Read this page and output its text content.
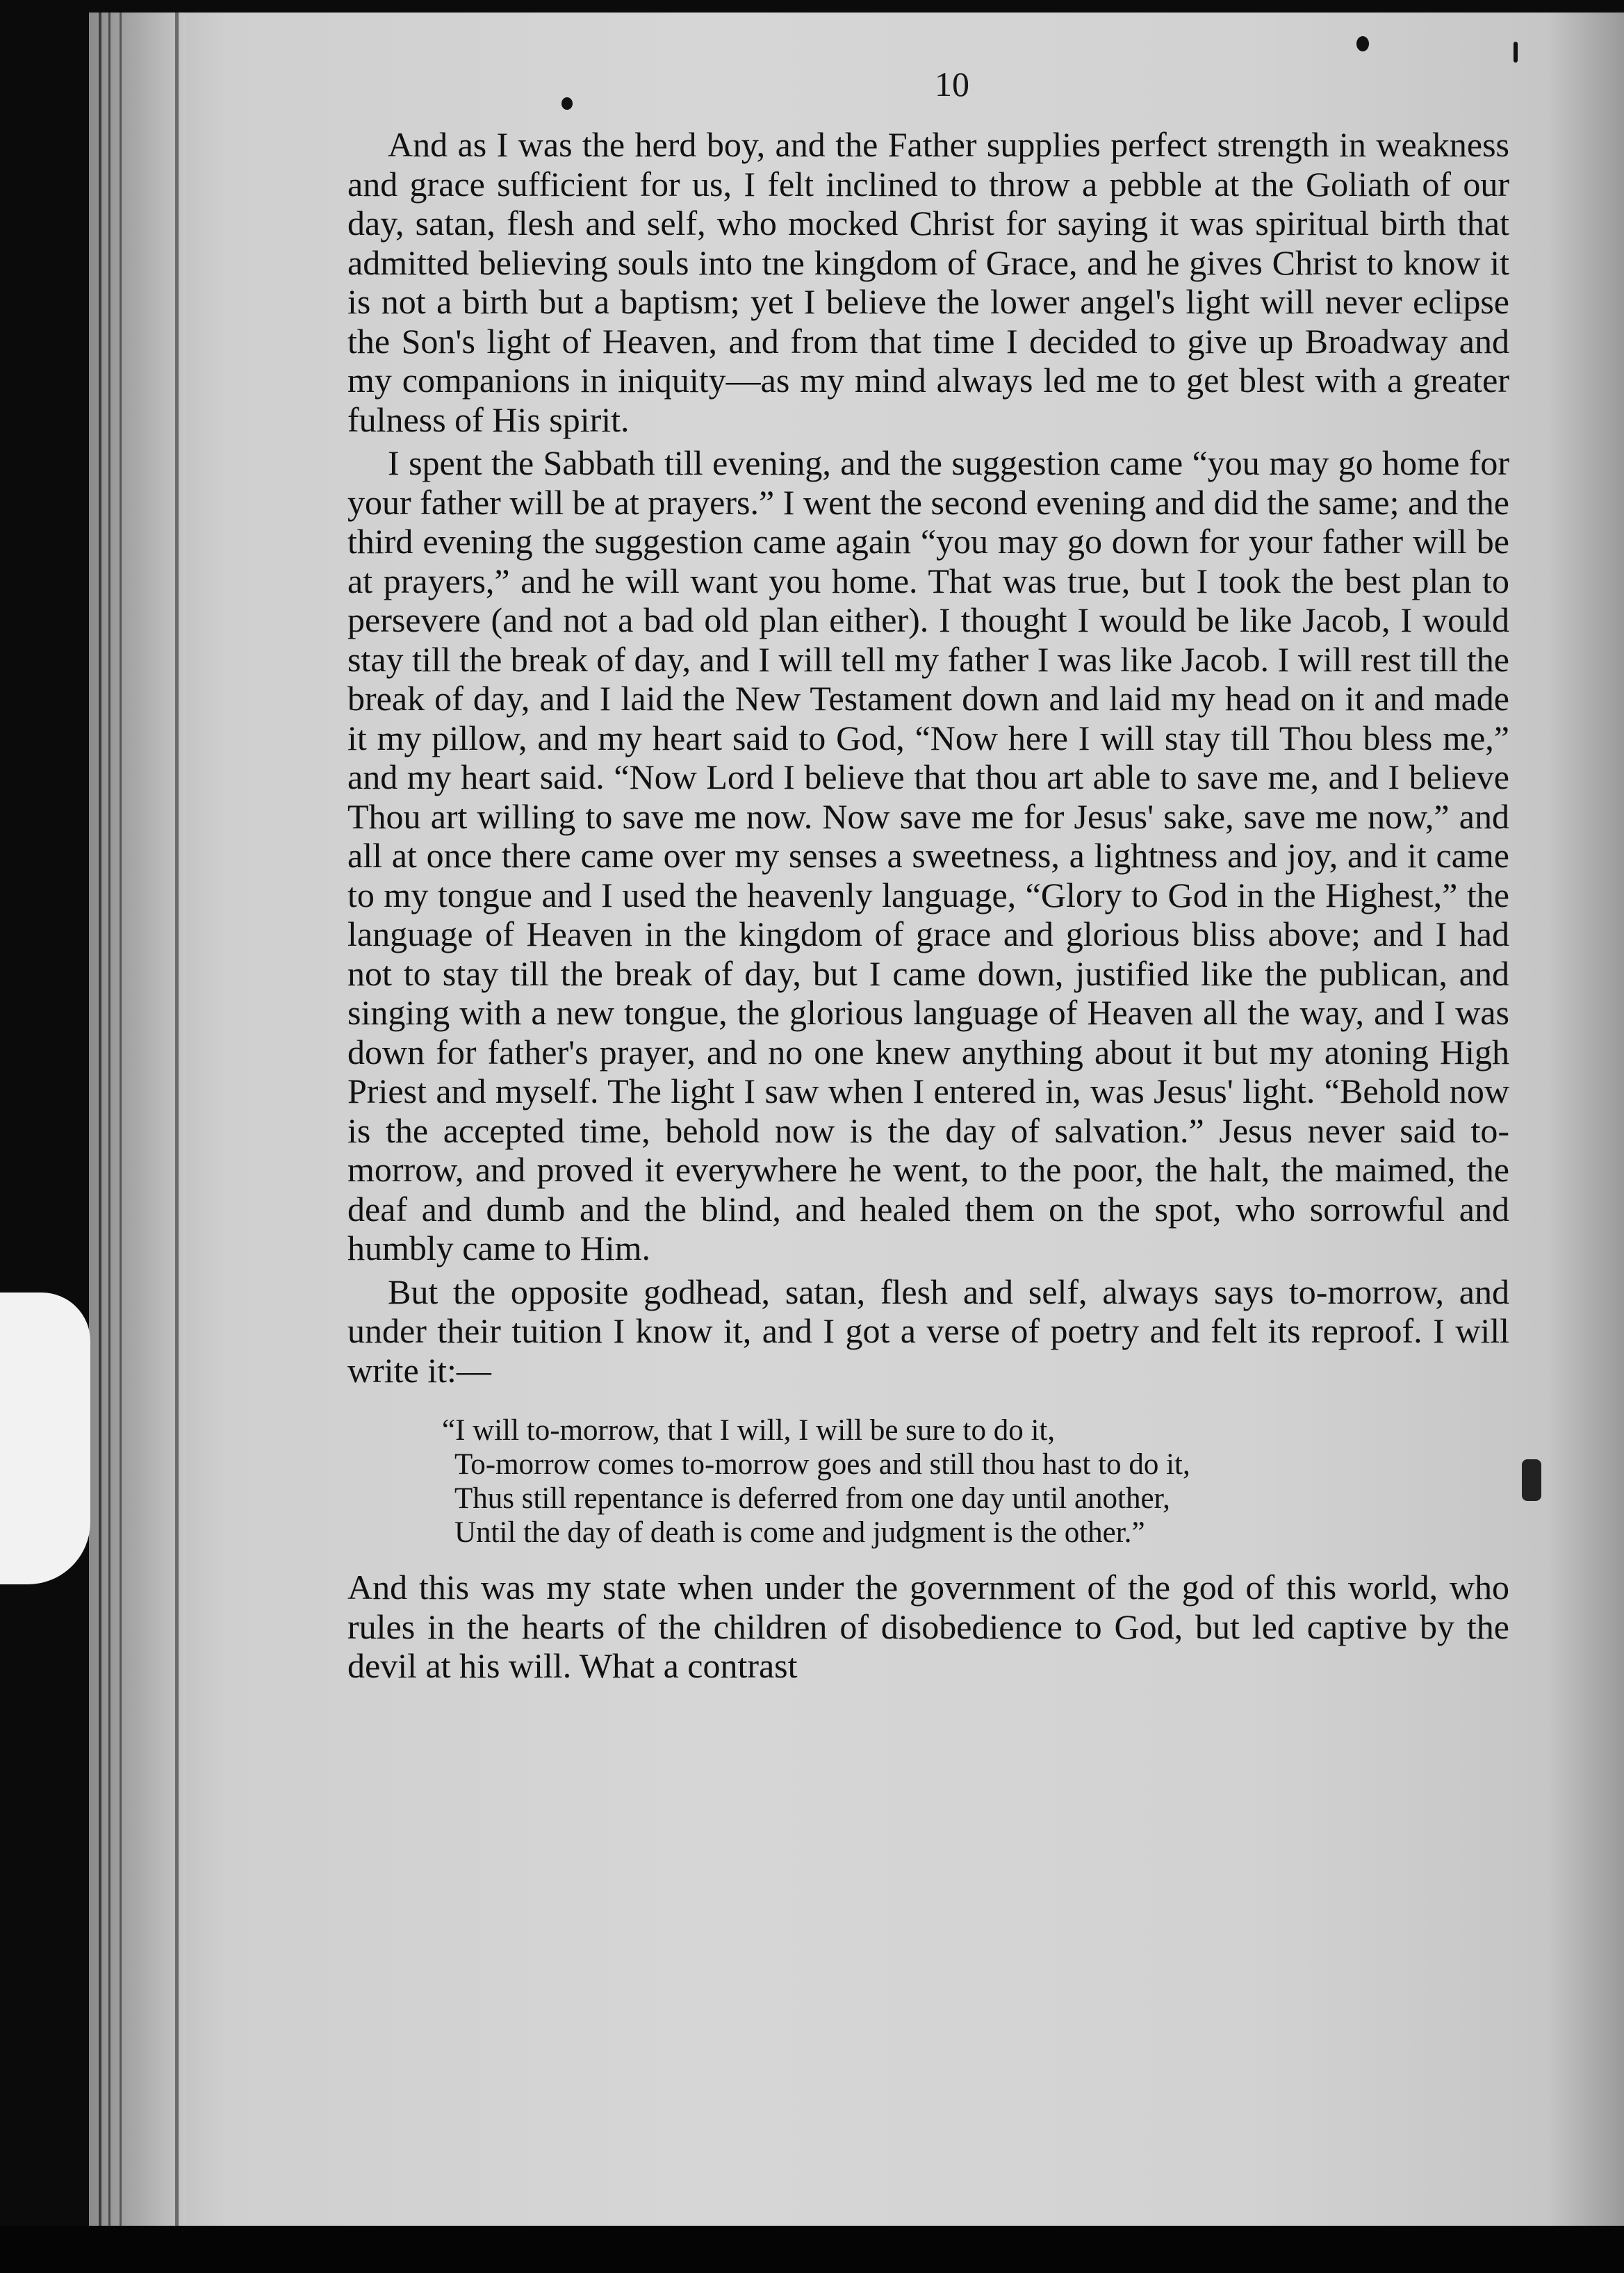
10

And as I was the herd boy, and the Father supplies perfect strength in weakness and grace sufficient for us, I felt inclined to throw a pebble at the Goliath of our day, satan, flesh and self, who mocked Christ for saying it was spiritual birth that admitted believing souls into tne kingdom of Grace, and he gives Christ to know it is not a birth but a baptism; yet I believe the lower angel's light will never eclipse the Son's light of Heaven, and from that time I decided to give up Broadway and my companions in iniquity—as my mind always led me to get blest with a greater fulness of His spirit.

I spent the Sabbath till evening, and the suggestion came “you may go home for your father will be at prayers.” I went the second evening and did the same; and the third evening the suggestion came again “you may go down for your father will be at prayers,” and he will want you home. That was true, but I took the best plan to persevere (and not a bad old plan either). I thought I would be like Jacob, I would stay till the break of day, and I will tell my father I was like Jacob. I will rest till the break of day, and I laid the New Testament down and laid my head on it and made it my pillow, and my heart said to God, “Now here I will stay till Thou bless me,” and my heart said. “Now Lord I believe that thou art able to save me, and I believe Thou art willing to save me now. Now save me for Jesus' sake, save me now,” and all at once there came over my senses a sweetness, a lightness and joy, and it came to my tongue and I used the heavenly language, “Glory to God in the Highest,” the language of Heaven in the kingdom of grace and glorious bliss above; and I had not to stay till the break of day, but I came down, justified like the publican, and singing with a new tongue, the glorious language of Heaven all the way, and I was down for father's prayer, and no one knew anything about it but my atoning High Priest and myself. The light I saw when I entered in, was Jesus' light. “Behold now is the accepted time, behold now is the day of salvation.” Jesus never said to-morrow, and proved it everywhere he went, to the poor, the halt, the maimed, the deaf and dumb and the blind, and healed them on the spot, who sorrowful and humbly came to Him.

But the opposite godhead, satan, flesh and self, always says to-morrow, and under their tuition I know it, and I got a verse of poetry and felt its reproof. I will write it:—

“I will to-morrow, that I will, I will be sure to do it,
To-morrow comes to-morrow goes and still thou hast to do it,
Thus still repentance is deferred from one day until another,
Until the day of death is come and judgment is the other.”

And this was my state when under the government of the god of this world, who rules in the hearts of the children of disobedience to God, but led captive by the devil at his will. What a contrast
